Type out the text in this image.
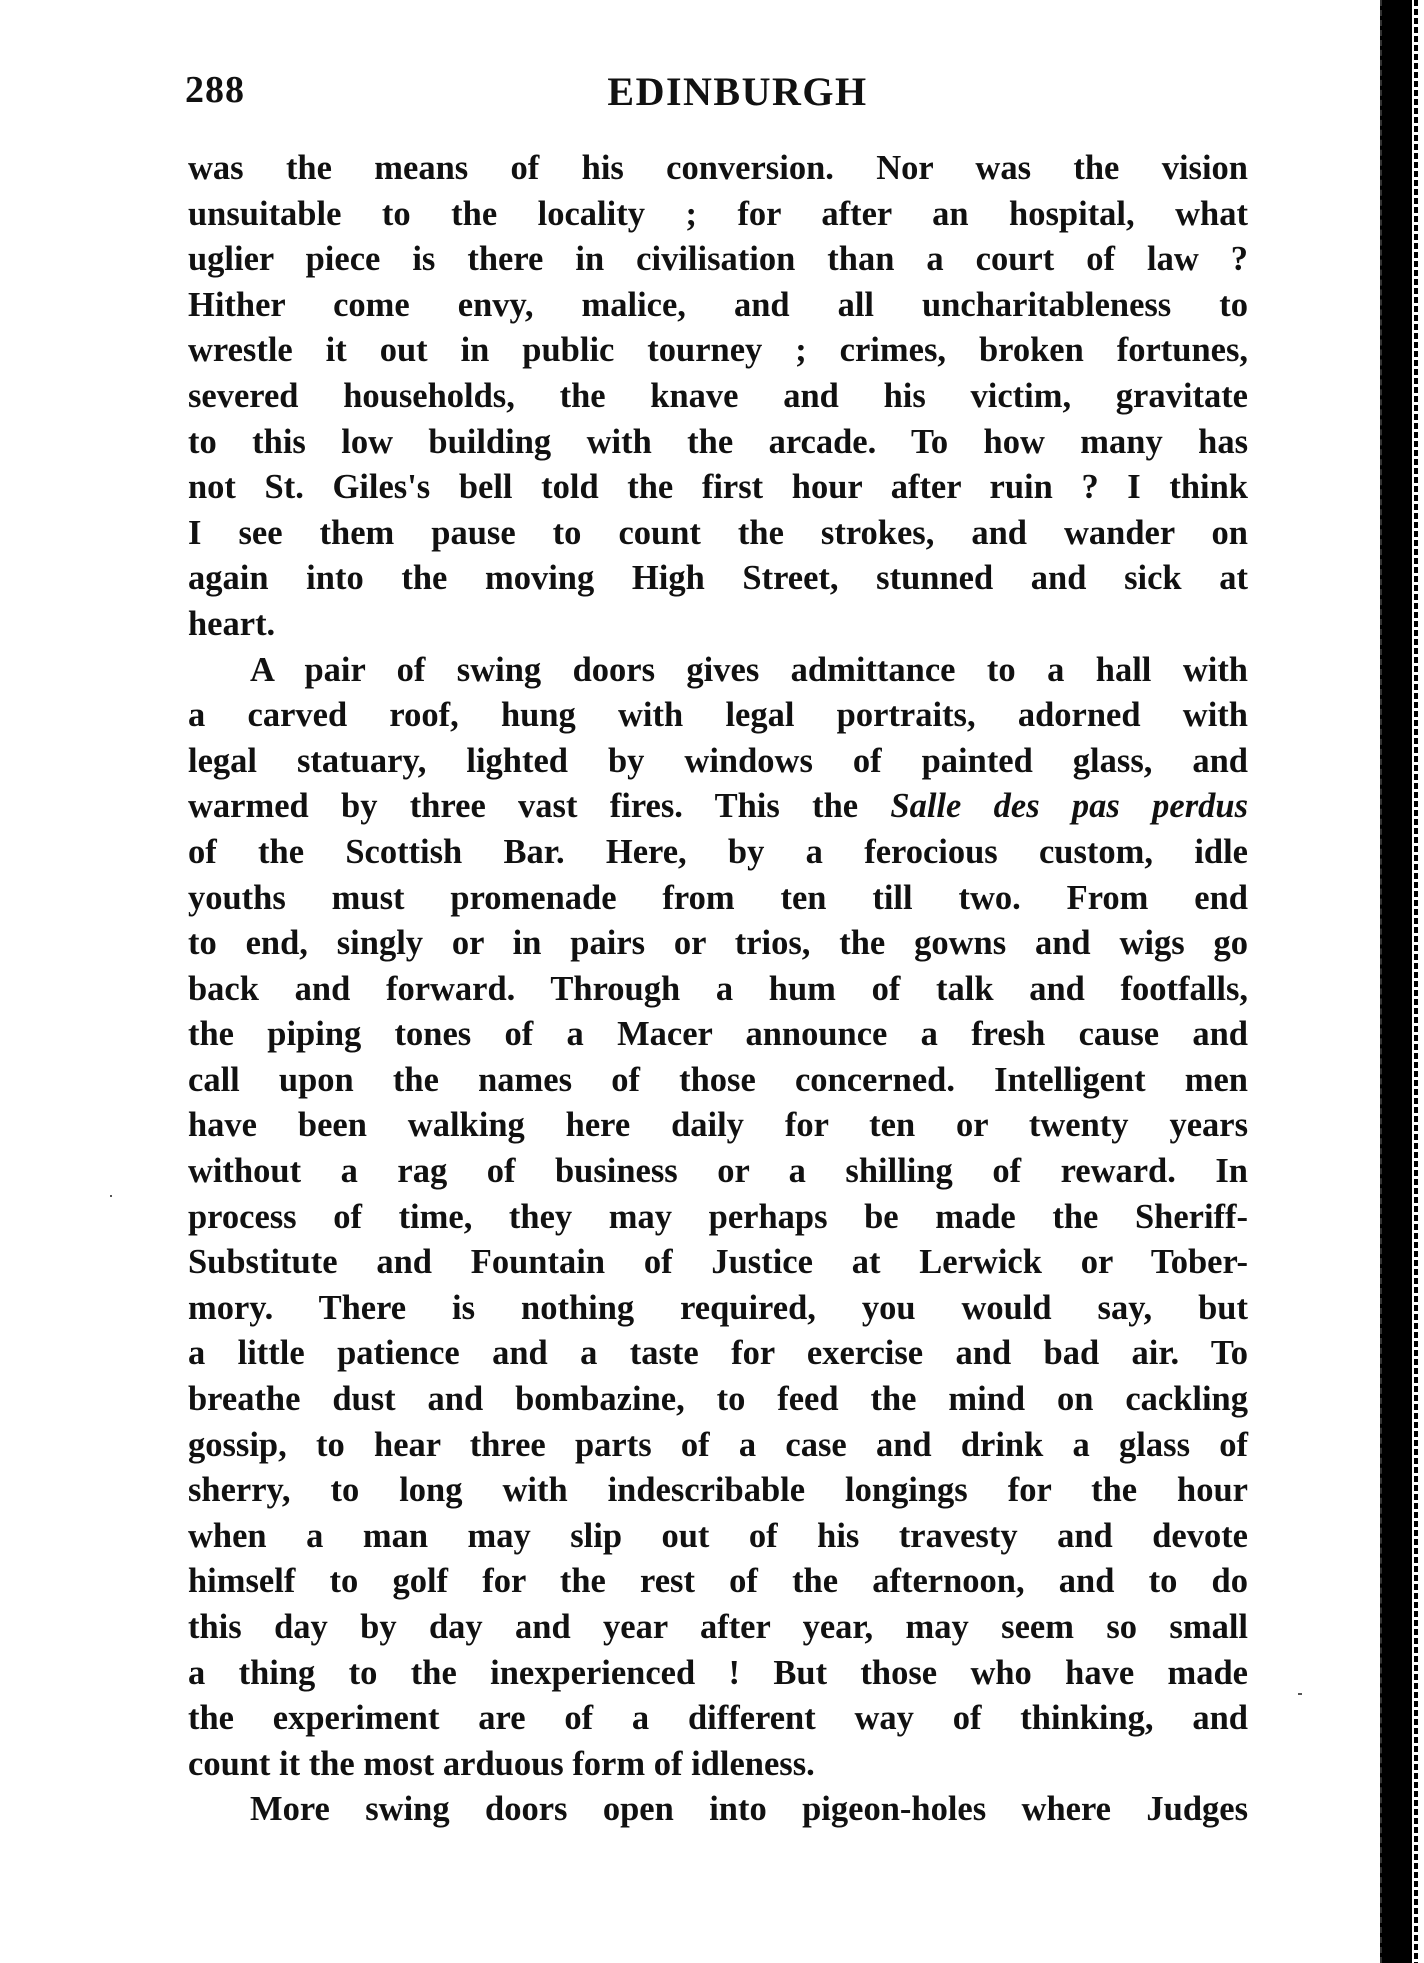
288	EDINBURGH
was the means of his conversion. Nor was the vision
unsuitable to the locality ; for after an hospital, what
uglier piece is there in civilisation than a court of law ?
Hither come envy, malice, and all uncharitableness to
wrestle it out in public tourney ; crimes, broken fortunes,
severed households, the knave and his victim, gravitate
to this low building with the arcade. To how many has
not St. Giles's bell told the first hour after ruin ? I think
I see them pause to count the strokes, and wander on
again into the moving High Street, stunned and sick at
heart.
A pair of swing doors gives admittance to a hall with
a carved roof, hung with legal portraits, adorned with
legal statuary, lighted by windows of painted glass, and
warmed by three vast fires. This the Salle des pas perdus
of the Scottish Bar. Here, by a ferocious custom, idle
youths must promenade from ten till two. From end
to end, singly or in pairs or trios, the gowns and wigs go
back and forward. Through a hum of talk and footfalls,
the piping tones of a Macer announce a fresh cause and
call upon the names of those concerned. Intelligent men
have been walking here daily for ten or twenty years
without a rag of business or a shilling of reward. In
process of time, they may perhaps be made the Sheriff-
Substitute and Fountain of Justice at Lerwick or Tober-
mory. There is nothing required, you would say, but
a little patience and a taste for exercise and bad air. To
breathe dust and bombazine, to feed the mind on cackling
gossip, to hear three parts of a case and drink a glass of
sherry, to long with indescribable longings for the hour
when a man may slip out of his travesty and devote
himself to golf for the rest of the afternoon, and to do
this day by day and year after year, may seem so small
a thing to the inexperienced ! But those who have made
the experiment are of a different way of thinking, and
count it the most arduous form of idleness.
More swing doors open into pigeon-holes where Judges
